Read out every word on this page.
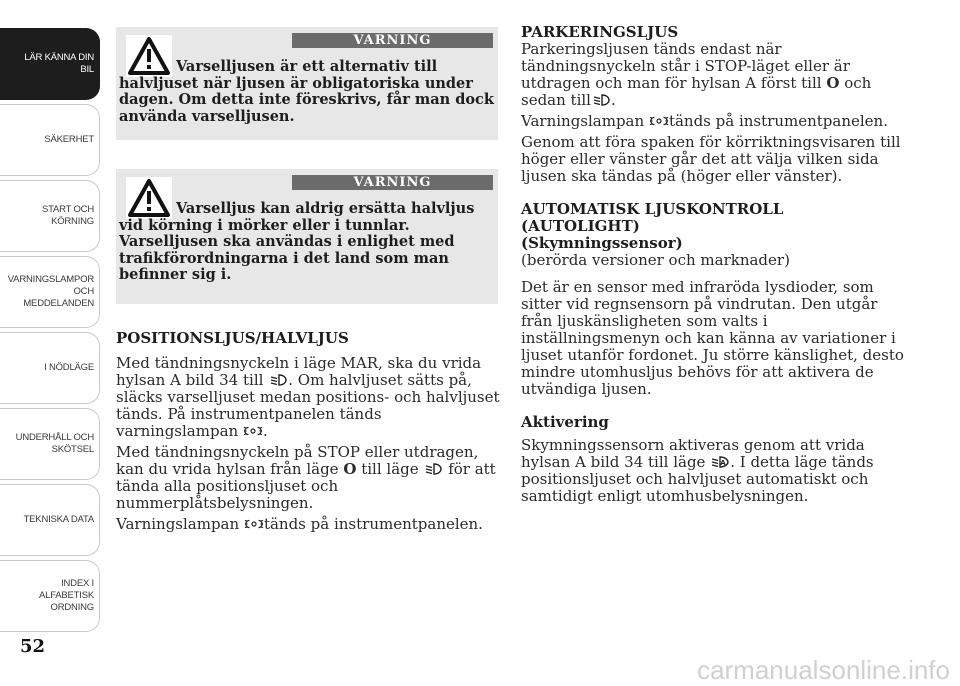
LÄR KÄNNA DIN
BIL
SÄKERHET
START OCH
KÖRNING
VARNINGSLAMPOR
OCH
MEDDELANDEN
I NÖDLÄGE
UNDERHÅLL OCH
SKÖTSEL
TEKNISKA DATA
INDEX I
ALFABETISK
ORDNING
52
VARNING
Varselljusen är ett alternativ till halvljuset när ljusen är obligatoriska under dagen. Om detta inte föreskrivs, får man dock använda varselljusen.
VARNING
Varselljus kan aldrig ersätta halvljus vid körning i mörker eller i tunnlar. Varselljusen ska användas i enlighet med trafikförordningarna i det land som man befinner sig i.

POSITIONSLJUS/HALVLJUS

Med tändningsnyckeln i läge MAR, ska du vrida hylsan A bild 34 till . Om halvljuset sätts på, släcks varselljuset medan positions- och halvljuset tänds. På instrumentpanelen tänds varningslampan .

Med tändningsnyckeln på STOP eller utdragen, kan du vrida hylsan från läge O till läge för att tända alla positionsljuset och nummerplåtsbelysningen.

Varningslampan tänds på instrumentpanelen.

PARKERINGSLJUS

Parkeringsljusen tänds endast när tändningsnyckeln står i STOP-läget eller är utdragen och man för hylsan A först till O och sedan till .

Varningslampan tänds på instrumentpanelen.

Genom att föra spaken för körriktningsvisaren till höger eller vänster går det att välja vilken sida ljusen ska tändas på (höger eller vänster).

AUTOMATISK LJUSKONTROLL

(AUTOLIGHT)

(Skymningssensor)

(berörda versioner och marknader)

Det är en sensor med infraröda lysdioder, som sitter vid regnsensorn på vindrutan. Den utgår från ljuskänsligheten som valts i inställningsmenyn och kan känna av variationer i ljuset utanför fordonet. Ju större känslighet, desto mindre utomhusljus behövs för att aktivera de utvändiga ljusen.

Aktivering

Skymningssensorn aktiveras genom att vrida hylsan A bild 34 till läge . I detta läge tänds positionsljuset och halvljuset automatiskt och samtidigt enligt utomhusbelysningen.

carmanualsonline.info
